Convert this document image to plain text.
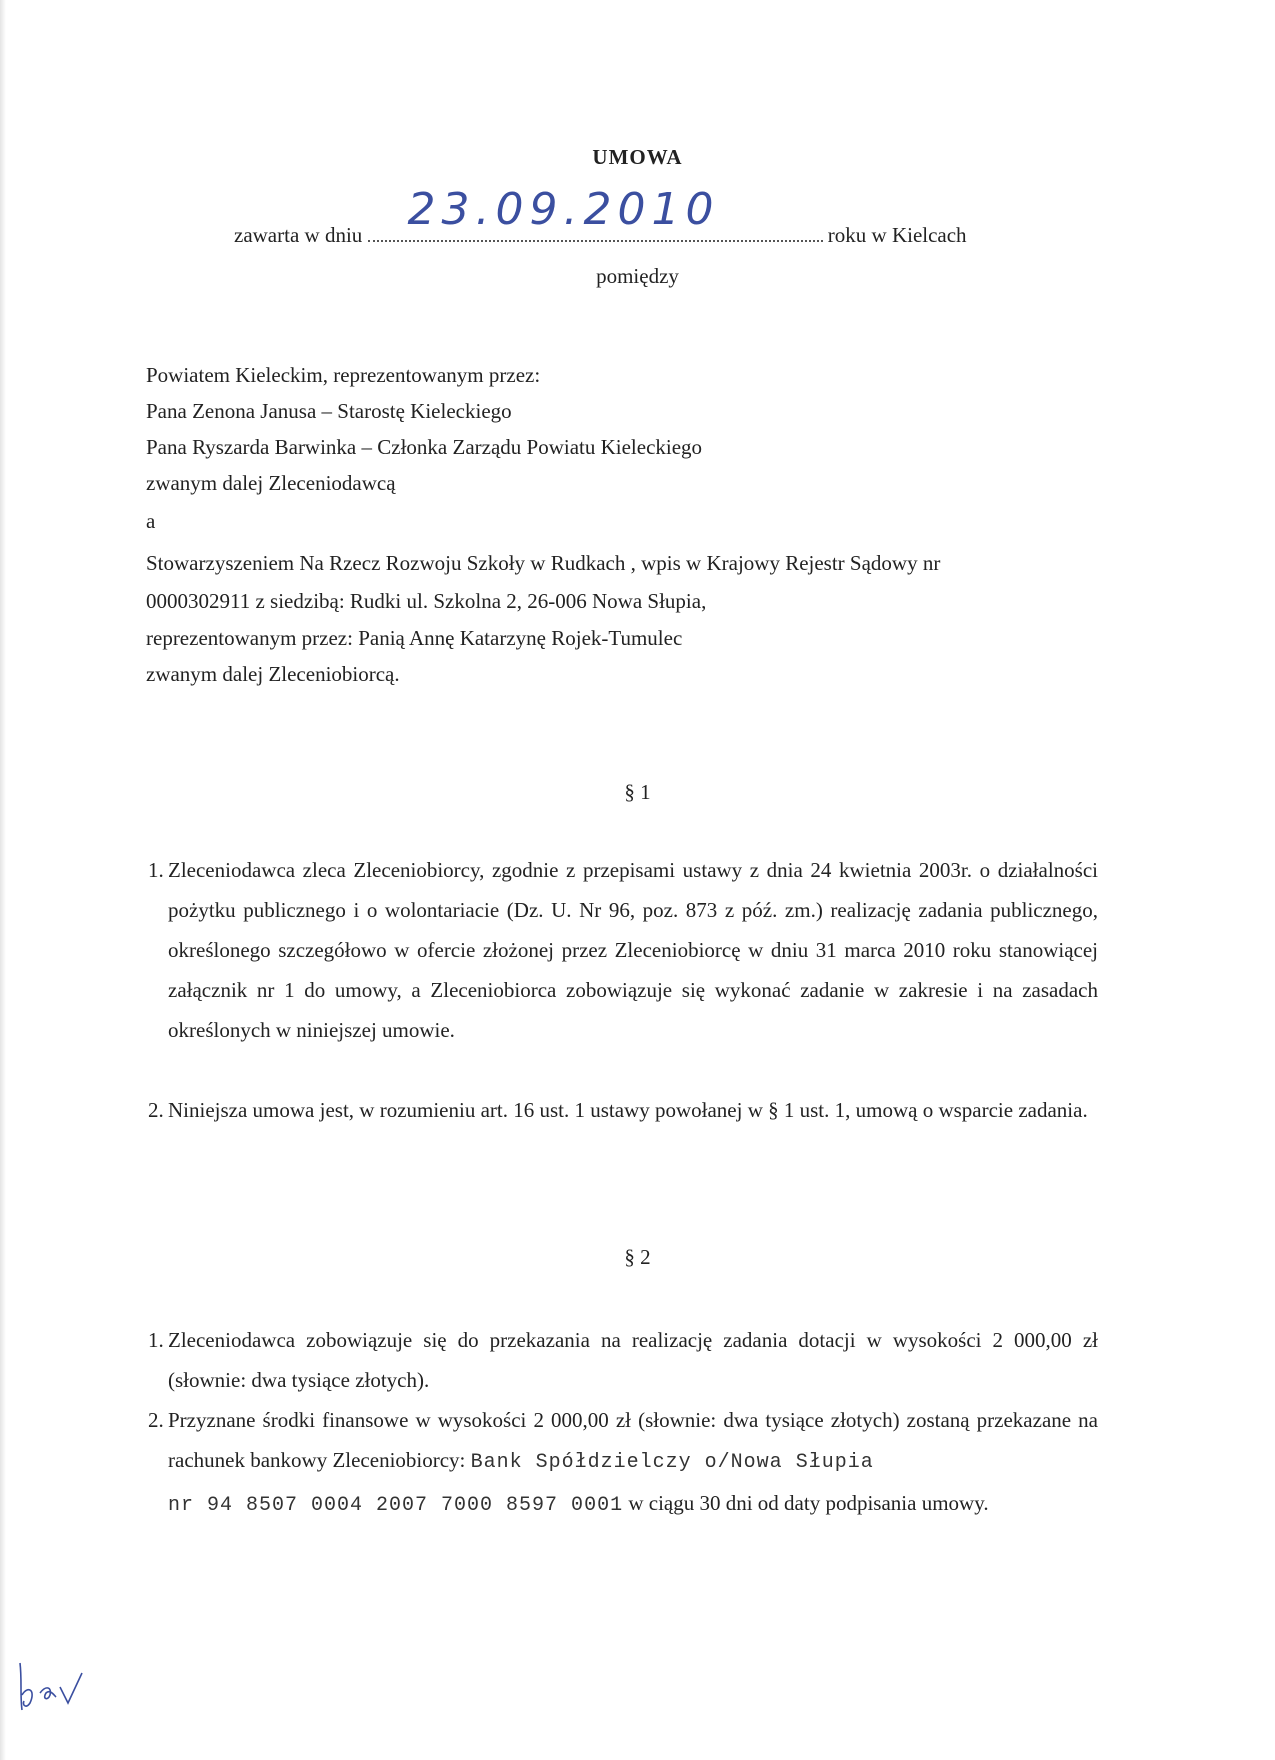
UMOWA
zawarta w dniu 23.09.2010	roku w Kielcach
pomiędzy
Powiatem Kieleckim, reprezentowanym przez:
Pana Zenona Janusa – Starostę Kieleckiego
Pana Ryszarda Barwinka – Członka Zarządu Powiatu Kieleckiego
zwanym dalej Zleceniodawcą
a
Stowarzyszeniem Na Rzecz Rozwoju Szkoły w Rudkach , wpis w Krajowy Rejestr Sądowy nr
0000302911 z siedzibą: Rudki ul. Szkolna 2, 26-006 Nowa Słupia,
reprezentowanym przez: Panią Annę Katarzynę Rojek-Tumulec
zwanym dalej Zleceniobiorcą.
§ 1
1. Zleceniodawca zleca Zleceniobiorcy, zgodnie z przepisami ustawy z dnia 24 kwietnia 2003r. o działalności pożytku publicznego i o wolontariacie (Dz. U. Nr 96, poz. 873 z póź. zm.) realizację zadania publicznego, określonego szczegółowo w ofercie złożonej przez Zleceniobiorcę w dniu 31 marca 2010 roku stanowiącej załącznik nr 1 do umowy, a Zleceniobiorca zobowiązuje się wykonać zadanie w zakresie i na zasadach określonych w niniejszej umowie.
2. Niniejsza umowa jest, w rozumieniu art. 16 ust. 1 ustawy powołanej w § 1 ust. 1, umową o wsparcie zadania.
§ 2
1. Zleceniodawca zobowiązuje się do przekazania na realizację zadania dotacji w wysokości 2 000,00 zł (słownie: dwa tysiące złotych).
2. Przyznane środki finansowe w wysokości 2 000,00 zł (słownie: dwa tysiące złotych) zostaną przekazane na rachunek bankowy Zleceniobiorcy: Bank Spółdzielczy o/Nowa Słupia
nr 94 8507 0004 2007 7000 8597 0001 w ciągu 30 dni od daty podpisania umowy.
